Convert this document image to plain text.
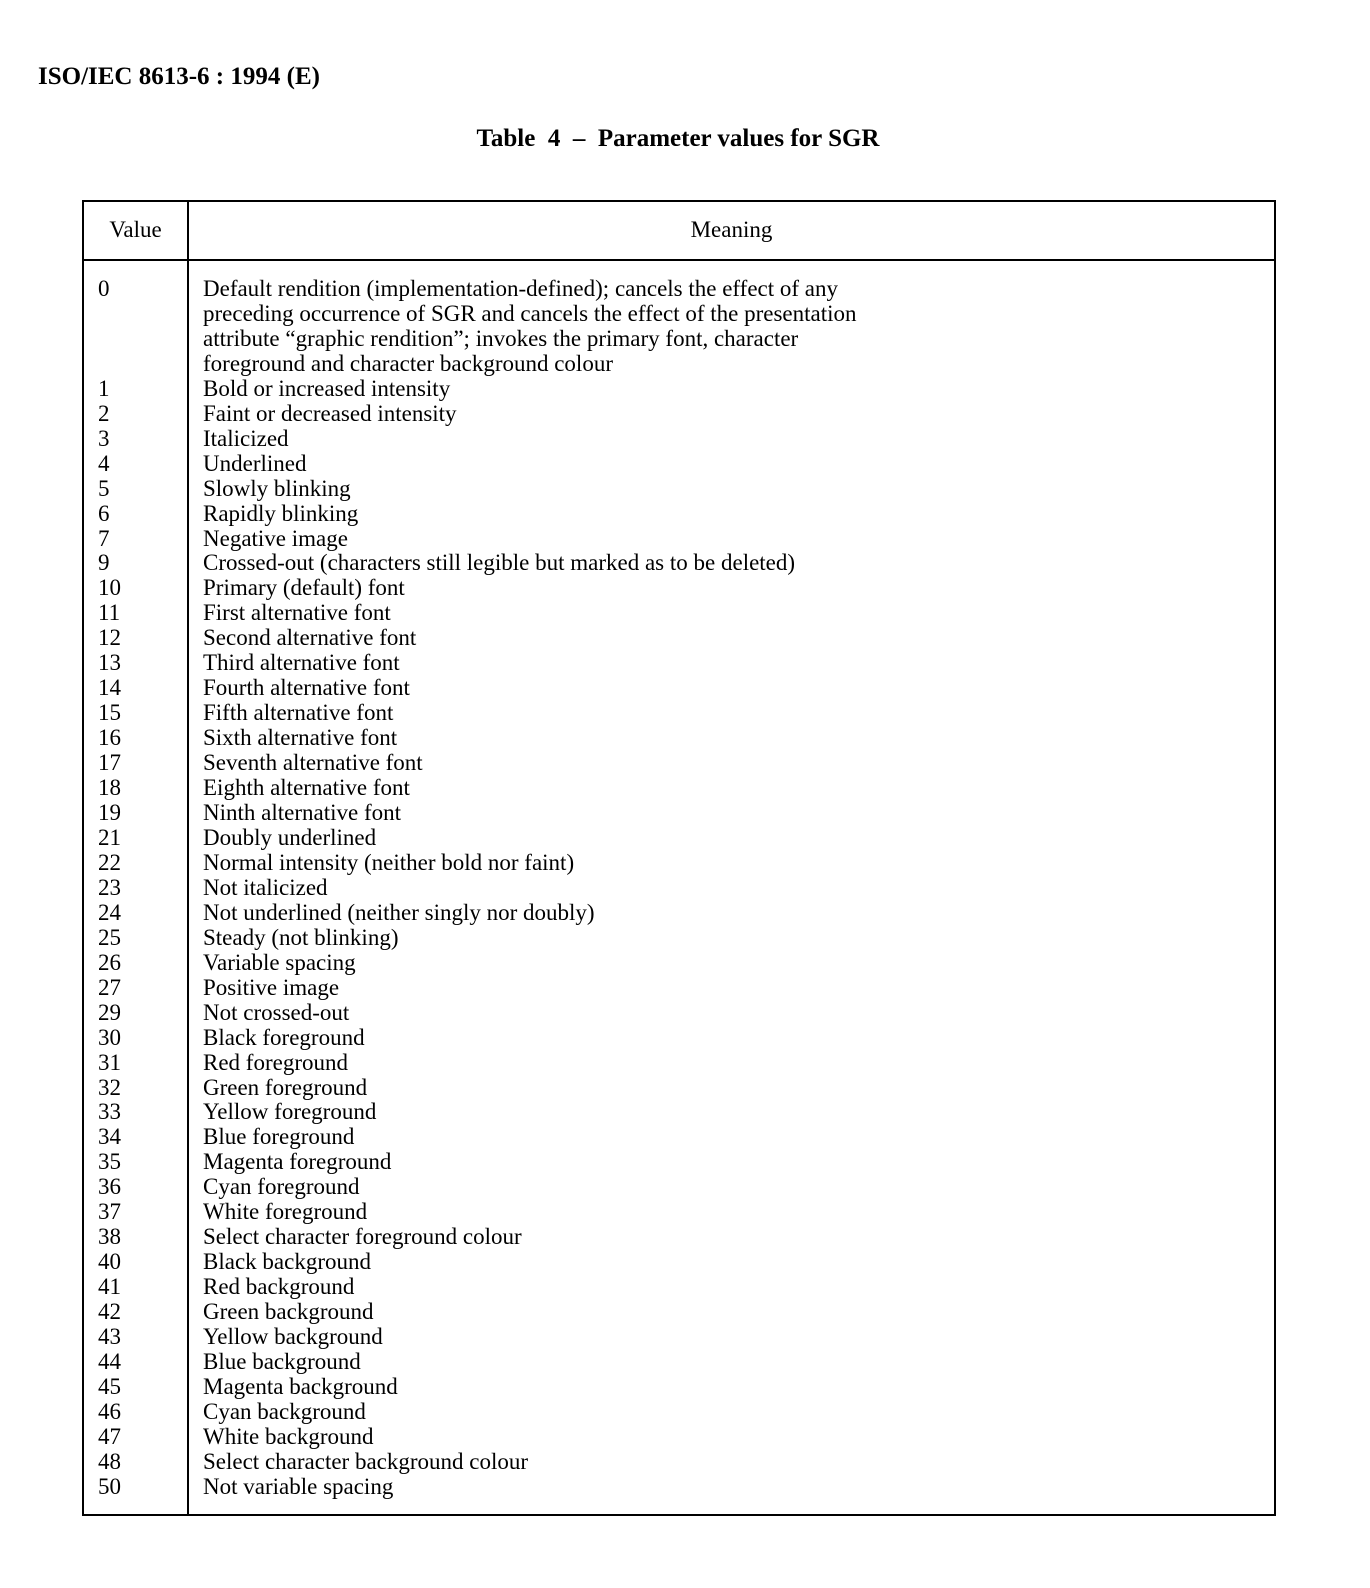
ISO/IEC 8613-6 : 1994 (E)
Table  4  –  Parameter values for SGR
Value	Meaning
0	Default rendition (implementation-defined); cancels the effect of any preceding occurrence of SGR and cancels the effect of the presentation attribute “graphic rendition”; invokes the primary font, character foreground and character background colour
1	Bold or increased intensity
2	Faint or decreased intensity
3	Italicized
4	Underlined
5	Slowly blinking
6	Rapidly blinking
7	Negative image
9	Crossed-out (characters still legible but marked as to be deleted)
10	Primary (default) font
11	First alternative font
12	Second alternative font
13	Third alternative font
14	Fourth alternative font
15	Fifth alternative font
16	Sixth alternative font
17	Seventh alternative font
18	Eighth alternative font
19	Ninth alternative font
21	Doubly underlined
22	Normal intensity (neither bold nor faint)
23	Not italicized
24	Not underlined (neither singly nor doubly)
25	Steady (not blinking)
26	Variable spacing
27	Positive image
29	Not crossed-out
30	Black foreground
31	Red foreground
32	Green foreground
33	Yellow foreground
34	Blue foreground
35	Magenta foreground
36	Cyan foreground
37	White foreground
38	Select character foreground colour
40	Black background
41	Red background
42	Green background
43	Yellow background
44	Blue background
45	Magenta background
46	Cyan background
47	White background
48	Select character background colour
50	Not variable spacing
